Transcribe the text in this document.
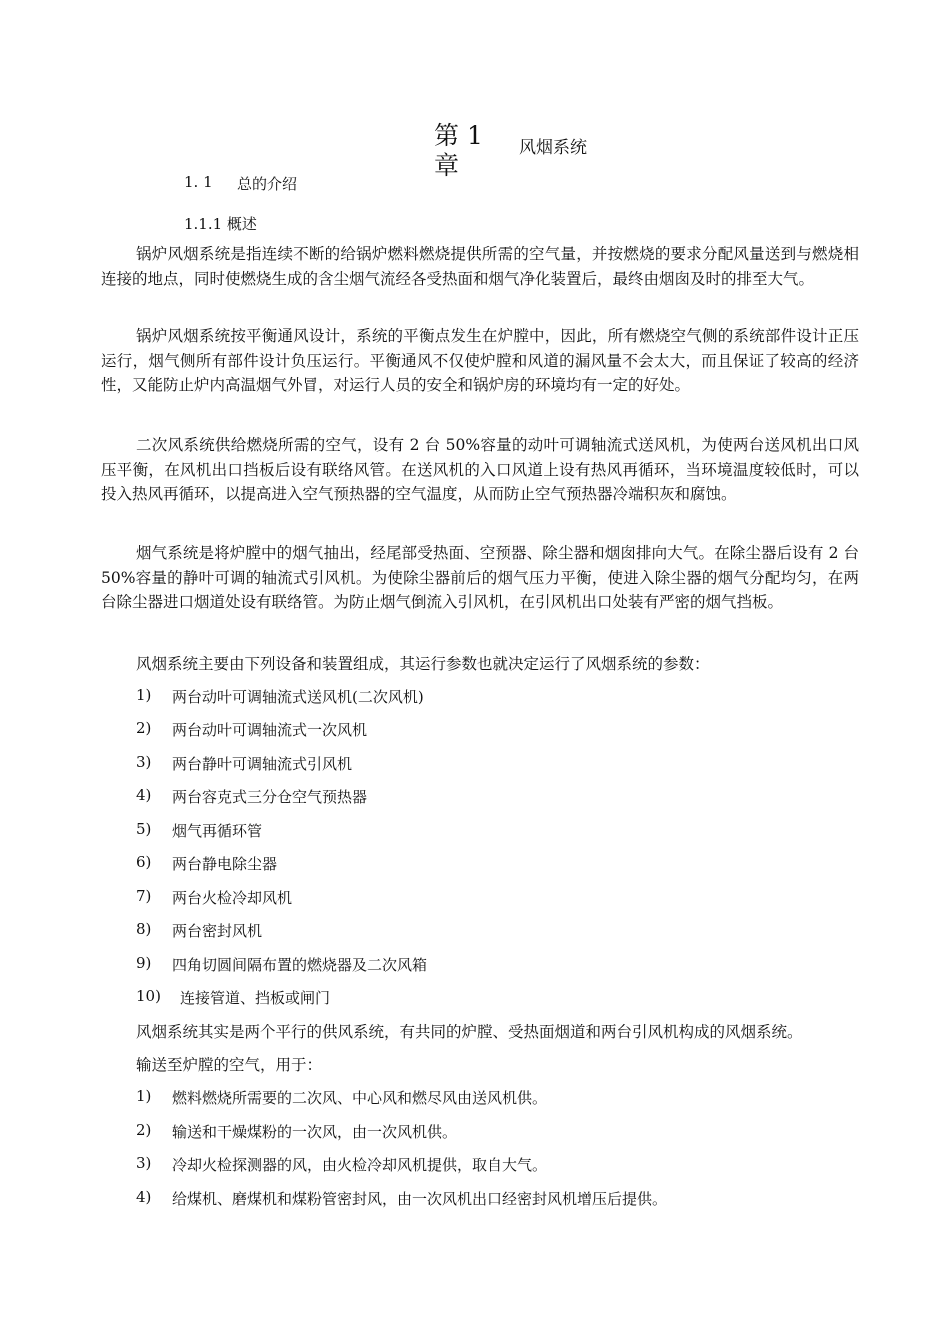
第 1
章
风烟系统
1. 1 总的介绍
1.1.1 概述

锅炉风烟系统是指连续不断的给锅炉燃料燃烧提供所需的空气量，并按燃烧的要求分配风量送到与燃烧相连接的地点，同时使燃烧生成的含尘烟气流经各受热面和烟气净化装置后，最终由烟囱及时的排至大气。

锅炉风烟系统按平衡通风设计，系统的平衡点发生在炉膛中，因此，所有燃烧空气侧的系统部件设计正压运行，烟气侧所有部件设计负压运行。平衡通风不仅使炉膛和风道的漏风量不会太大，而且保证了较高的经济性，又能防止炉内高温烟气外冒，对运行人员的安全和锅炉房的环境均有一定的好处。

二次风系统供给燃烧所需的空气，设有 2 台 50%容量的动叶可调轴流式送风机，为使两台送风机出口风压平衡，在风机出口挡板后设有联络风管。在送风机的入口风道上设有热风再循环，当环境温度较低时，可以投入热风再循环，以提高进入空气预热器的空气温度，从而防止空气预热器冷端积灰和腐蚀。

烟气系统是将炉膛中的烟气抽出，经尾部受热面、空预器、除尘器和烟囱排向大气。在除尘器后设有 2 台 50%容量的静叶可调的轴流式引风机。为使除尘器前后的烟气压力平衡，使进入除尘器的烟气分配均匀，在两台除尘器进口烟道处设有联络管。为防止烟气倒流入引风机，在引风机出口处装有严密的烟气挡板。

风烟系统主要由下列设备和装置组成，其运行参数也就决定运行了风烟系统的参数：
1) 两台动叶可调轴流式送风机(二次风机)
2) 两台动叶可调轴流式一次风机
3) 两台静叶可调轴流式引风机
4) 两台容克式三分仓空气预热器
5) 烟气再循环管
6) 两台静电除尘器
7) 两台火检冷却风机
8) 两台密封风机
9) 四角切圆间隔布置的燃烧器及二次风箱
10) 连接管道、挡板或闸门
风烟系统其实是两个平行的供风系统，有共同的炉膛、受热面烟道和两台引风机构成的风烟系统。
输送至炉膛的空气，用于：
1) 燃料燃烧所需要的二次风、中心风和燃尽风由送风机供。
2) 输送和干燥煤粉的一次风，由一次风机供。
3) 冷却火检探测器的风，由火检冷却风机提供，取自大气。
4) 给煤机、磨煤机和煤粉管密封风，由一次风机出口经密封风机增压后提供。
